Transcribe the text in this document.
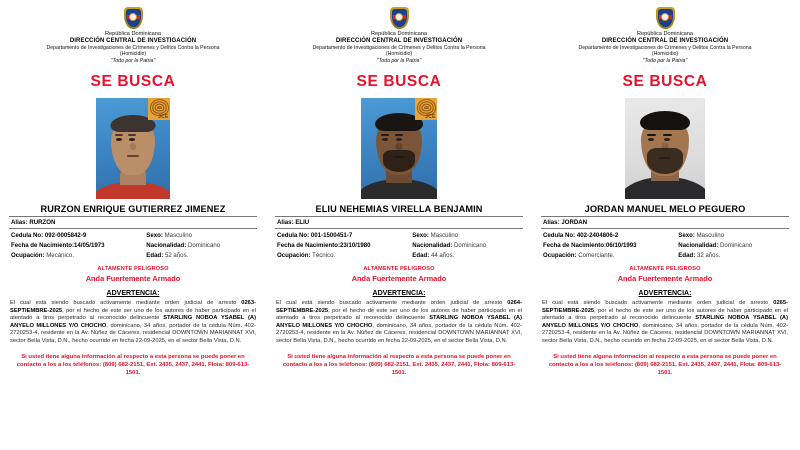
República Dominicana
DIRECCIÓN CENTRAL DE INVESTIGACIÓN
Departamento de Investigaciones de Crímenes y Delitos Contra la Persona
(Homicidio)
"Todo por la Patria"
SE BUSCA
JCE
RURZON ENRIQUE GUTIERREZ JIMENEZ
Alias: RURZON
Cedula No: 092-0005842-9
Fecha de Nacimiento:14/05/1973
Ocupación: Mecánico.
Sexo: Masculino
Nacionalidad: Dominicano
Edad: 52 años.
ALTAMENTE PELIGROSO
Anda Fuertemente Armado
ADVERTENCIA:
El cual está siendo buscado activamente mediante orden judicial de arresto 0263-SEPTIEMBRE-2025, por el hecho de este ser uno de los autores de haber participado en el atentado a tiros perpetrado al reconocido delincuente STARLING NOBOA YSABEL (A) ANYELO MILLONES Y/O CHOCHO, dominicano, 34 años, portador de la cédula Núm. 402-2720253-4, residente en la Av. Núñez de Cáceres, residencial DOWNTOWN MARIANNAT XVI, sector Bella Vista, D.N., hecho ocurrido en fecha 22-09-2025, en el sector Bella Vista, D.N.
Si usted tiene alguna información al respecto a esta persona se puede poner en contacto a los a los teléfonos: (809) 682-2151, Ext. 2435, 2437, 2441, Flota: 809-613-1501.
República Dominicana
DIRECCIÓN CENTRAL DE INVESTIGACIÓN
Departamento de Investigaciones de Crímenes y Delitos Contra la Persona
(Homicidio)
"Todo por la Patria"
SE BUSCA
JCE
ELIU NEHEMIAS VIRELLA BENJAMIN
Alias: ELIU
Cedula No: 001-1500451-7
Fecha de Nacimiento:23/10/1980
Ocupación: Técnico.
Sexo: Masculino
Nacionalidad: Dominicano
Edad: 44 años.
ALTAMENTE PELIGROSO
Anda Fuertemente Armado
ADVERTENCIA:
El cual está siendo buscado activamente mediante orden judicial de arresto 0264-SEPTIEMBRE-2025, por el hecho de este ser uno de los autores de haber participado en el atentado a tiros perpetrado al reconocido delincuente STARLING NOBOA YSABEL (A) ANYELO MILLONES Y/O CHOCHO, dominicano, 34 años, portador de la cédula Núm. 402-2720253-4, residente en la Av. Núñez de Cáceres, residencial DOWNTOWN MARIANNAT XVI, sector Bella Vista, D.N., hecho ocurrido en fecha 22-09-2025, en el sector Bella Vista, D.N.
Si usted tiene alguna información al respecto a esta persona se puede poner en contacto a los a los teléfonos: (809) 682-2151, Ext. 2435, 2437, 2441, Flota: 809-613-1501.
República Dominicana
DIRECCIÓN CENTRAL DE INVESTIGACIÓN
Departamento de Investigaciones de Crímenes y Delitos Contra la Persona
(Homicidio)
"Todo por la Patria"
SE BUSCA
JORDAN MANUEL MELO PEGUERO
Alias: JORDAN
Cedula No: 402-2404806-2
Fecha de Nacimiento:06/10/1993
Ocupación: Comerciante.
Sexo: Masculino
Nacionalidad: Dominicano
Edad: 32 años.
ALTAMENTE PELIGROSO
Anda Fuertemente Armado
ADVERTENCIA:
El cual está siendo buscado activamente mediante orden judicial de arresto 0265-SEPTIEMBRE-2025, por el hecho de este ser uno de los autores de haber participado en el atentado a tiros perpetrado al reconocido delincuente STARLING NOBOA YSABEL (A) ANYELO MILLONES Y/O CHOCHO, dominicano, 34 años, portador de la cédula Núm. 402-2720253-4, residente en la Av. Núñez de Cáceres, residencial DOWNTOWN MARIANNAT XVI, sector Bella Vista, D.N., hecho ocurrido en fecha 22-09-2025, en el sector Bella Vista, D.N.
Si usted tiene alguna información al respecto a esta persona se puede poner en contacto a los a los teléfonos: (809) 682-2151, Ext. 2435, 2437, 2441, Flota: 809-613-1501.
